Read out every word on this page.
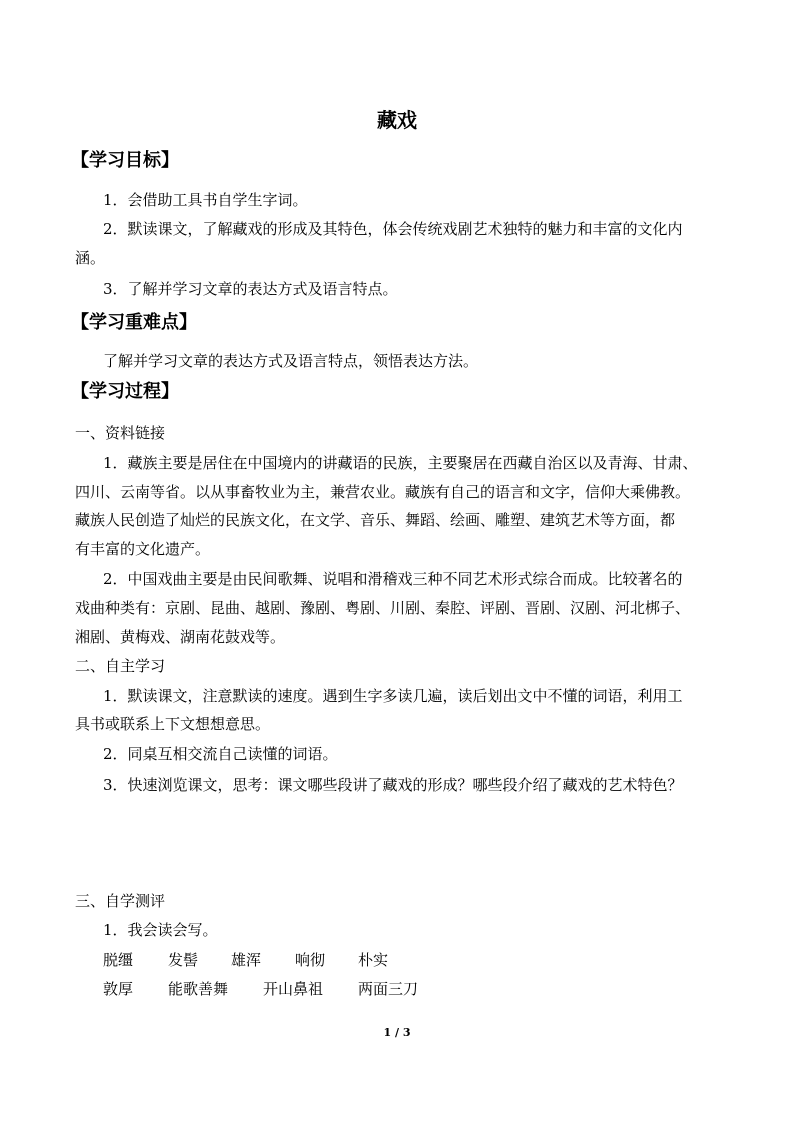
藏戏
【学习目标】
1．会借助工具书自学生字词。
2．默读课文，了解藏戏的形成及其特色，体会传统戏剧艺术独特的魅力和丰富的文化内
涵。
3．了解并学习文章的表达方式及语言特点。
【学习重难点】
了解并学习文章的表达方式及语言特点，领悟表达方法。
【学习过程】
一、资料链接
1．藏族主要是居住在中国境内的讲藏语的民族，主要聚居在西藏自治区以及青海、甘肃、
四川、云南等省。以从事畜牧业为主，兼营农业。藏族有自己的语言和文字，信仰大乘佛教。
藏族人民创造了灿烂的民族文化，在文学、音乐、舞蹈、绘画、雕塑、建筑艺术等方面，都
有丰富的文化遗产。
2．中国戏曲主要是由民间歌舞、说唱和滑稽戏三种不同艺术形式综合而成。比较著名的
戏曲种类有：京剧、昆曲、越剧、豫剧、粤剧、川剧、秦腔、评剧、晋剧、汉剧、河北梆子、
湘剧、黄梅戏、湖南花鼓戏等。
二、自主学习
1．默读课文，注意默读的速度。遇到生字多读几遍，读后划出文中不懂的词语，利用工
具书或联系上下文想想意思。
2．同桌互相交流自己读懂的词语。
3．快速浏览课文，思考：课文哪些段讲了藏戏的形成？哪些段介绍了藏戏的艺术特色？
三、自学测评
1．我会读会写。
脱缰	发髻	雄浑	响彻	朴实
敦厚	能歌善舞	开山鼻祖	两面三刀
1 / 3
